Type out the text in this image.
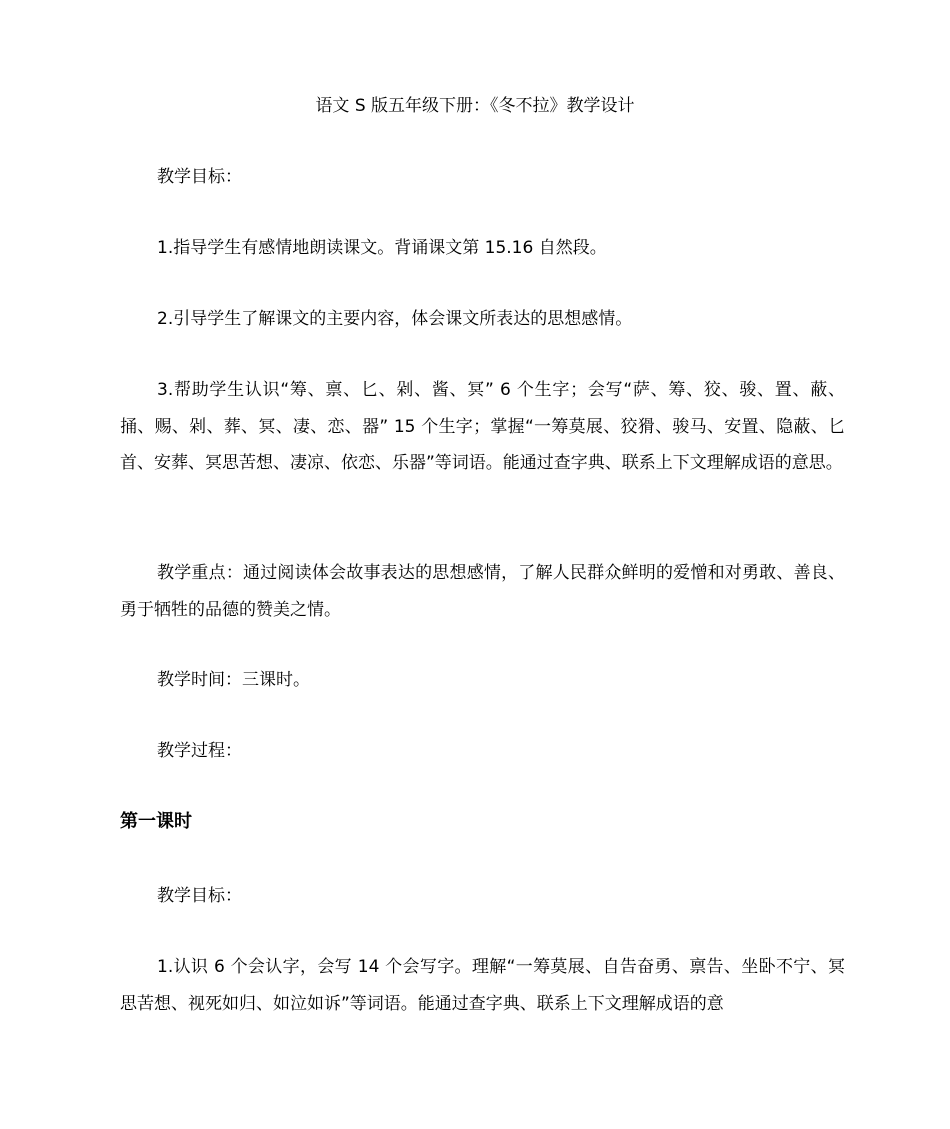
语文 S 版五年级下册：《冬不拉》教学设计

教学目标：

1.指导学生有感情地朗读课文。背诵课文第 15.16 自然段。

2.引导学生了解课文的主要内容，体会课文所表达的思想感情。

3.帮助学生认识“筹、禀、匕、剁、酱、冥” 6 个生字；会写“萨、筹、狡、骏、置、蔽、捅、赐、剁、葬、冥、凄、恋、器” 15 个生字；掌握“一筹莫展、狡猾、骏马、安置、隐蔽、匕首、安葬、冥思苦想、凄凉、依恋、乐器”等词语。能通过查字典、联系上下文理解成语的意思。

教学重点：通过阅读体会故事表达的思想感情，了解人民群众鲜明的爱憎和对勇敢、善良、勇于牺牲的品德的赞美之情。

教学时间：三课时。

教学过程：

第一课时

教学目标：

1.认识 6 个会认字，会写 14 个会写字。理解“一筹莫展、自告奋勇、禀告、坐卧不宁、冥思苦想、视死如归、如泣如诉”等词语。能通过查字典、联系上下文理解成语的意
